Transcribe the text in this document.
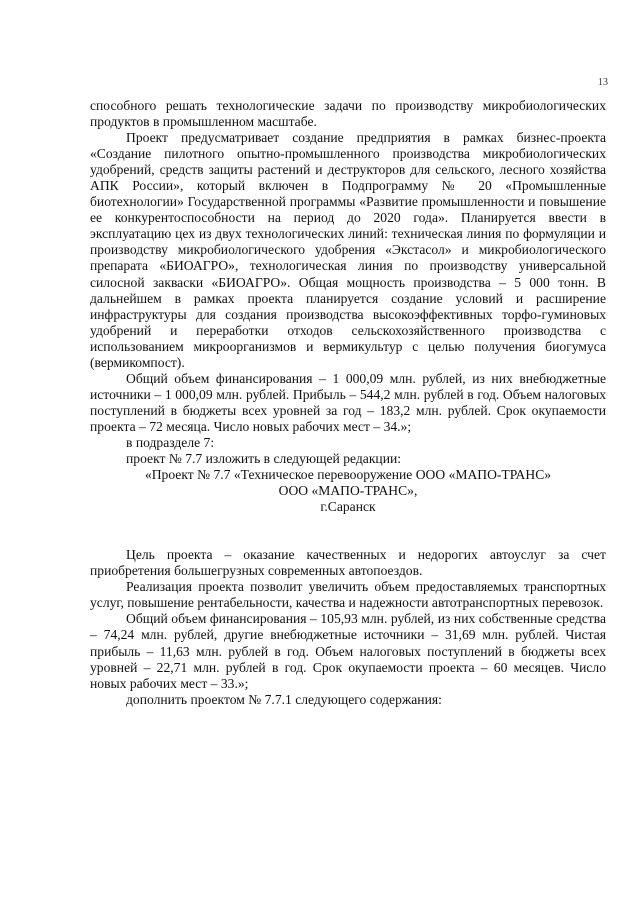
13

способного решать технологические задачи по производству микробиологических продуктов в промышленном масштабе.

Проект предусматривает создание предприятия в рамках бизнес-проекта «Создание пилотного опытно-промышленного производства микробиологических удобрений, средств защиты растений и деструкторов для сельского, лесного хозяйства АПК России», который включен в Подпрограмму № 20 «Промышленные биотехнологии» Государственной программы «Развитие промышленности и повышение ее конкурентоспособности на период до 2020 года». Планируется ввести в эксплуатацию цех из двух технологических линий: техническая линия по формуляции и производству микробиологического удобрения «Экстасол» и микробиологического препарата «БИОАГРО», технологическая линия по производству универсальной силосной закваски «БИОАГРО». Общая мощность производства – 5 000 тонн. В дальнейшем в рамках проекта планируется создание условий и расширение инфраструктуры для создания производства высокоэффективных торфо-гуминовых удобрений и переработки отходов сельскохозяйственного производства с использованием микроорганизмов и вермикультур с целью получения биогумуса (вермикомпост).

Общий объем финансирования – 1 000,09 млн. рублей, из них внебюджетные источники – 1 000,09 млн. рублей. Прибыль – 544,2 млн. рублей в год. Объем налоговых поступлений в бюджеты всех уровней за год – 183,2 млн. рублей. Срок окупаемости проекта – 72 месяца. Число новых рабочих мест – 34.»;

в подразделе 7:

проект № 7.7 изложить в следующей редакции:

«Проект № 7.7 «Техническое перевооружение ООО «МАПО-ТРАНС»

ООО «МАПО-ТРАНС»,

г.Саранск

Цель проекта – оказание качественных и недорогих автоуслуг за счет приобретения большегрузных современных автопоездов.

Реализация проекта позволит увеличить объем предоставляемых транспортных услуг, повышение рентабельности, качества и надежности автотранспортных перевозок.

Общий объем финансирования – 105,93 млн. рублей, из них собственные средства – 74,24 млн. рублей, другие внебюджетные источники – 31,69 млн. рублей. Чистая прибыль – 11,63 млн. рублей в год. Объем налоговых поступлений в бюджеты всех уровней – 22,71 млн. рублей в год. Срок окупаемости проекта – 60 месяцев. Число новых рабочих мест – 33.»;

дополнить проектом № 7.7.1 следующего содержания:
